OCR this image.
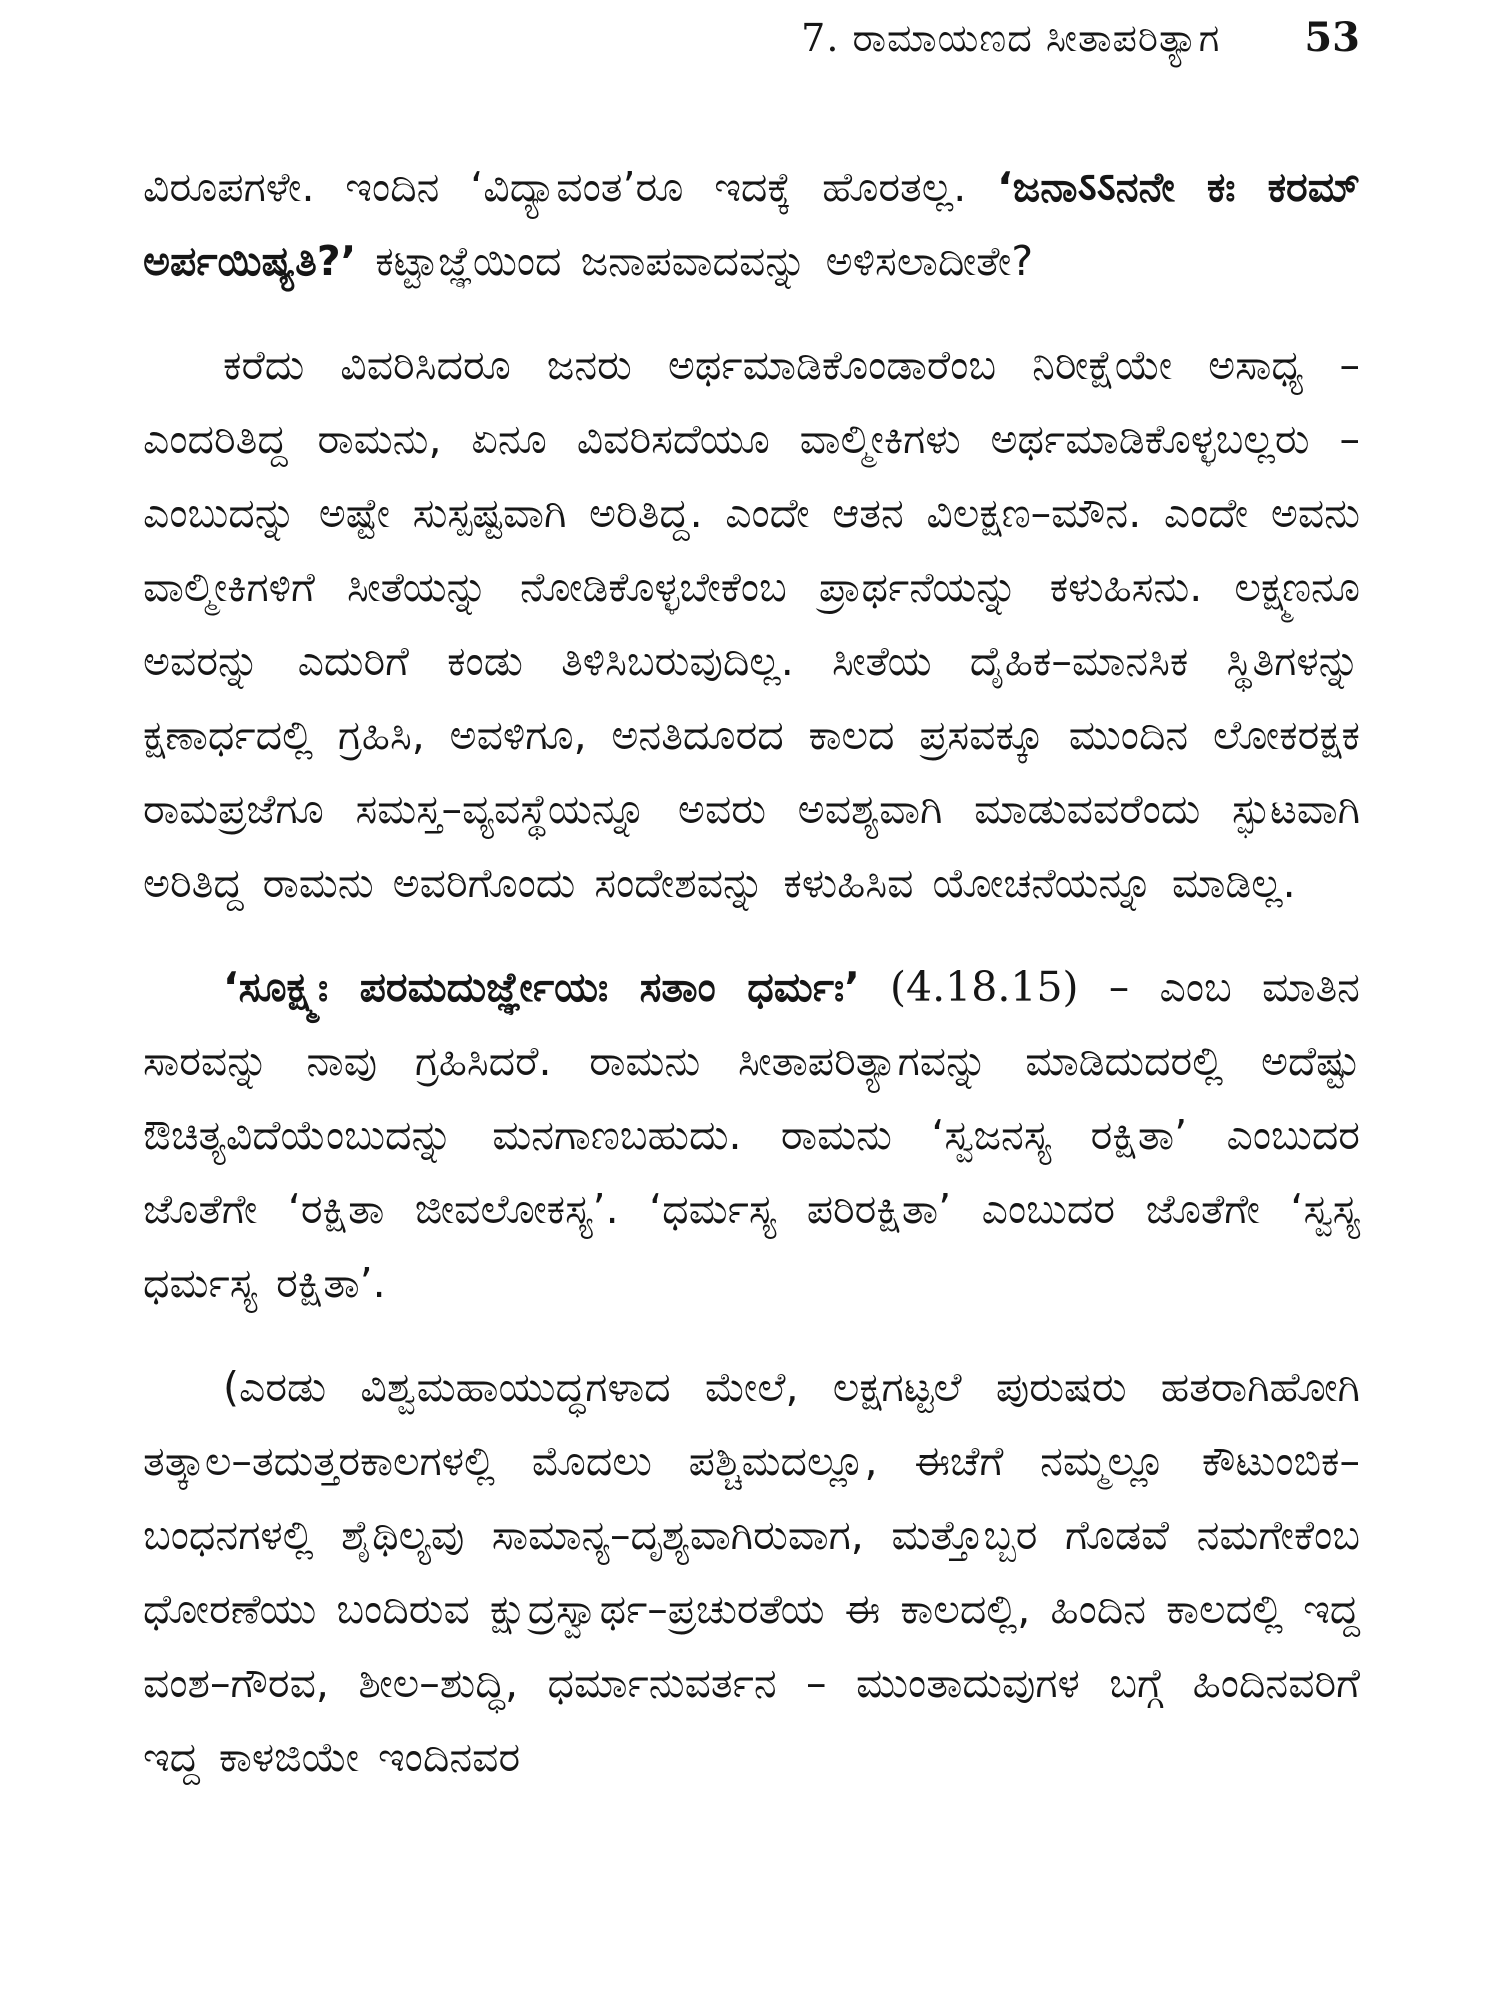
7. ರಾಮಾಯಣದ ಸೀತಾಪರಿತ್ಯಾಗ 53

ವಿರೂಪಗಳೇ. ಇಂದಿನ ‘ವಿದ್ಯಾವಂತ’ರೂ ಇದಕ್ಕೆ ಹೊರತಲ್ಲ. ‘ಜನಾऽऽನನೇ ಕಃ ಕರಮ್ ಅರ್ಪಯಿಷ್ಯತಿ?’ ಕಟ್ಟಾಜ್ಞೆಯಿಂದ ಜನಾಪವಾದವನ್ನು ಅಳಿಸಲಾದೀತೇ?

ಕರೆದು ವಿವರಿಸಿದರೂ ಜನರು ಅರ್ಥಮಾಡಿಕೊಂಡಾರೆಂಬ ನಿರೀಕ್ಷೆಯೇ ಅಸಾಧ್ಯ – ಎಂದರಿತಿದ್ದ ರಾಮನು, ಏನೂ ವಿವರಿಸದೆಯೂ ವಾಲ್ಮೀಕಿಗಳು ಅರ್ಥಮಾಡಿಕೊಳ್ಳಬಲ್ಲರು – ಎಂಬುದನ್ನು ಅಷ್ಟೇ ಸುಸ್ಪಷ್ಟವಾಗಿ ಅರಿತಿದ್ದ. ಎಂದೇ ಆತನ ವಿಲಕ್ಷಣ–ಮೌನ. ಎಂದೇ ಅವನು ವಾಲ್ಮೀಕಿಗಳಿಗೆ ಸೀತೆಯನ್ನು ನೋಡಿಕೊಳ್ಳಬೇಕೆಂಬ ಪ್ರಾರ್ಥನೆಯನ್ನು ಕಳುಹಿಸನು. ಲಕ್ಷ್ಮಣನೂ ಅವರನ್ನು ಎದುರಿಗೆ ಕಂಡು ತಿಳಿಸಿಬರುವುದಿಲ್ಲ. ಸೀತೆಯ ದೈಹಿಕ–ಮಾನಸಿಕ ಸ್ಥಿತಿಗಳನ್ನು ಕ್ಷಣಾರ್ಧದಲ್ಲಿ ಗ್ರಹಿಸಿ, ಅವಳಿಗೂ, ಅನತಿದೂರದ ಕಾಲದ ಪ್ರಸವಕ್ಕೂ ಮುಂದಿನ ಲೋಕರಕ್ಷಕ ರಾಮಪ್ರಜೆಗೂ ಸಮಸ್ತ–ವ್ಯವಸ್ಥೆಯನ್ನೂ ಅವರು ಅವಶ್ಯವಾಗಿ ಮಾಡುವವರೆಂದು ಸ್ಫುಟವಾಗಿ ಅರಿತಿದ್ದ ರಾಮನು ಅವರಿಗೊಂದು ಸಂದೇಶವನ್ನು ಕಳುಹಿಸಿವ ಯೋಚನೆಯನ್ನೂ ಮಾಡಿಲ್ಲ.

‘ಸೂಕ್ಷ್ಮಃ ಪರಮದುರ್ಜ್ಞೇಯಃ ಸತಾಂ ಧರ್ಮಃ’ (4.18.15) – ಎಂಬ ಮಾತಿನ ಸಾರವನ್ನು ನಾವು ಗ್ರಹಿಸಿದರೆ. ರಾಮನು ಸೀತಾಪರಿತ್ಯಾಗವನ್ನು ಮಾಡಿದುದರಲ್ಲಿ ಅದೆಷ್ಟು ಔಚಿತ್ಯವಿದೆಯೆಂಬುದನ್ನು ಮನಗಾಣಬಹುದು. ರಾಮನು ‘ಸ್ವಜನಸ್ಯ ರಕ್ಷಿತಾ’ ಎಂಬುದರ ಜೊತೆಗೇ ‘ರಕ್ಷಿತಾ ಜೀವಲೋಕಸ್ಯ’. ‘ಧರ್ಮಸ್ಯ ಪರಿರಕ್ಷಿತಾ’ ಎಂಬುದರ ಜೊತೆಗೇ ‘ಸ್ವಸ್ಯ ಧರ್ಮಸ್ಯ ರಕ್ಷಿತಾ’.

(ಎರಡು ವಿಶ್ವಮಹಾಯುದ್ಧಗಳಾದ ಮೇಲೆ, ಲಕ್ಷಗಟ್ಟಲೆ ಪುರುಷರು ಹತರಾಗಿಹೋಗಿ ತತ್ಕಾಲ–ತದುತ್ತರಕಾಲಗಳಲ್ಲಿ ಮೊದಲು ಪಶ್ಚಿಮದಲ್ಲೂ, ಈಚೆಗೆ ನಮ್ಮಲ್ಲೂ ಕೌಟುಂಬಿಕ–ಬಂಧನಗಳಲ್ಲಿ ಶೈಥಿಲ್ಯವು ಸಾಮಾನ್ಯ–ದೃಶ್ಯವಾಗಿರುವಾಗ, ಮತ್ತೊಬ್ಬರ ಗೊಡವೆ ನಮಗೇಕೆಂಬ ಧೋರಣೆಯು ಬಂದಿರುವ ಕ್ಷುದ್ರಸ್ವಾರ್ಥ–ಪ್ರಚುರತೆಯ ಈ ಕಾಲದಲ್ಲಿ, ಹಿಂದಿನ ಕಾಲದಲ್ಲಿ ಇದ್ದ ವಂಶ–ಗೌರವ, ಶೀಲ–ಶುದ್ಧಿ, ಧರ್ಮಾನುವರ್ತನ – ಮುಂತಾದುವುಗಳ ಬಗ್ಗೆ ಹಿಂದಿನವರಿಗೆ ಇದ್ದ ಕಾಳಜಿಯೇ ಇಂದಿನವರ
